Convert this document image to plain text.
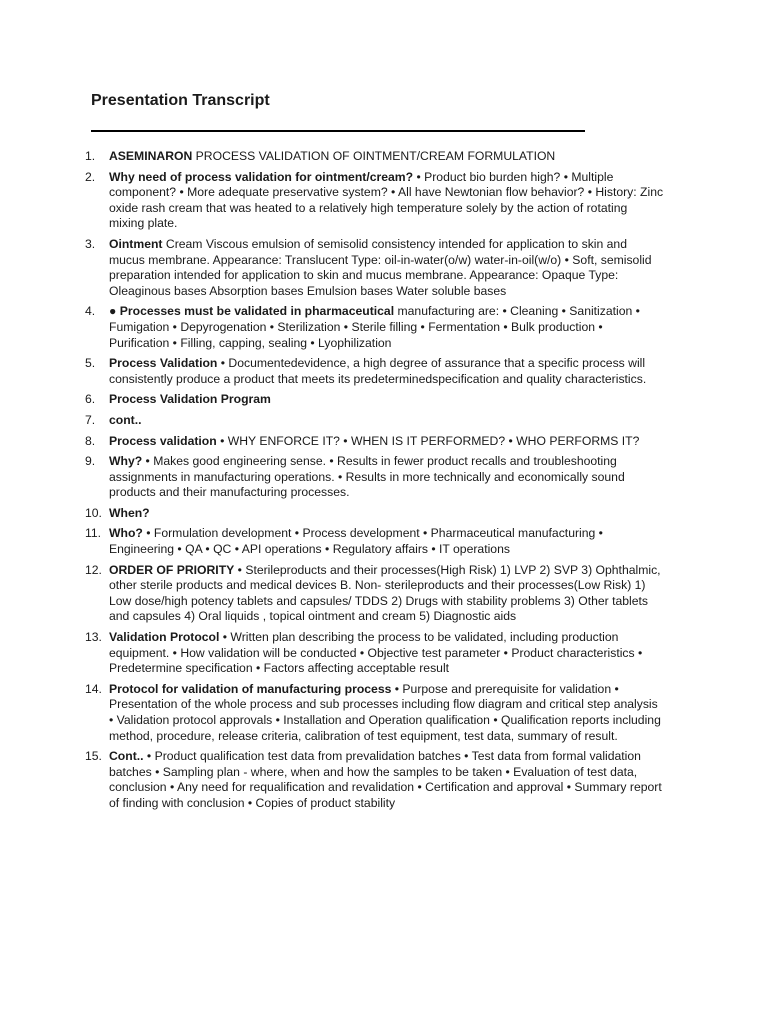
Presentation Transcript
1. ASEMINARON PROCESS VALIDATION OF OINTMENT/CREAM FORMULATION
2. Why need of process validation for ointment/cream? • Product bio burden high? • Multiple component? • More adequate preservative system? • All have Newtonian flow behavior? • History: Zinc oxide rash cream that was heated to a relatively high temperature solely by the action of rotating mixing plate.
3. Ointment Cream Viscous emulsion of semisolid consistency intended for application to skin and mucus membrane. Appearance: Translucent Type: oil-in-water(o/w) water-in-oil(w/o) • Soft, semisolid preparation intended for application to skin and mucus membrane. Appearance: Opaque Type: Oleaginous bases Absorption bases Emulsion bases Water soluble bases
4. ● Processes must be validated in pharmaceutical manufacturing are: • Cleaning • Sanitization • Fumigation • Depyrogenation • Sterilization • Sterile filling • Fermentation • Bulk production • Purification • Filling, capping, sealing • Lyophilization
5. Process Validation • Documentedevidence, a high degree of assurance that a specific process will consistently produce a product that meets its predeterminedspecification and quality characteristics.
6. Process Validation Program
7. cont..
8. Process validation • WHY ENFORCE IT? • WHEN IS IT PERFORMED? • WHO PERFORMS IT?
9. Why? • Makes good engineering sense. • Results in fewer product recalls and troubleshooting assignments in manufacturing operations. • Results in more technically and economically sound products and their manufacturing processes.
10. When?
11. Who? • Formulation development • Process development • Pharmaceutical manufacturing • Engineering • QA • QC • API operations • Regulatory affairs • IT operations
12. ORDER OF PRIORITY • Sterileproducts and their processes(High Risk) 1) LVP 2) SVP 3) Ophthalmic, other sterile products and medical devices B. Non- sterileproducts and their processes(Low Risk) 1) Low dose/high potency tablets and capsules/ TDDS 2) Drugs with stability problems 3) Other tablets and capsules 4) Oral liquids , topical ointment and cream 5) Diagnostic aids
13. Validation Protocol • Written plan describing the process to be validated, including production equipment. • How validation will be conducted • Objective test parameter • Product characteristics • Predetermine specification • Factors affecting acceptable result
14. Protocol for validation of manufacturing process • Purpose and prerequisite for validation • Presentation of the whole process and sub processes including flow diagram and critical step analysis • Validation protocol approvals • Installation and Operation qualification • Qualification reports including method, procedure, release criteria, calibration of test equipment, test data, summary of result.
15. Cont.. • Product qualification test data from prevalidation batches • Test data from formal validation batches • Sampling plan - where, when and how the samples to be taken • Evaluation of test data, conclusion • Any need for requalification and revalidation • Certification and approval • Summary report of finding with conclusion • Copies of product stability
